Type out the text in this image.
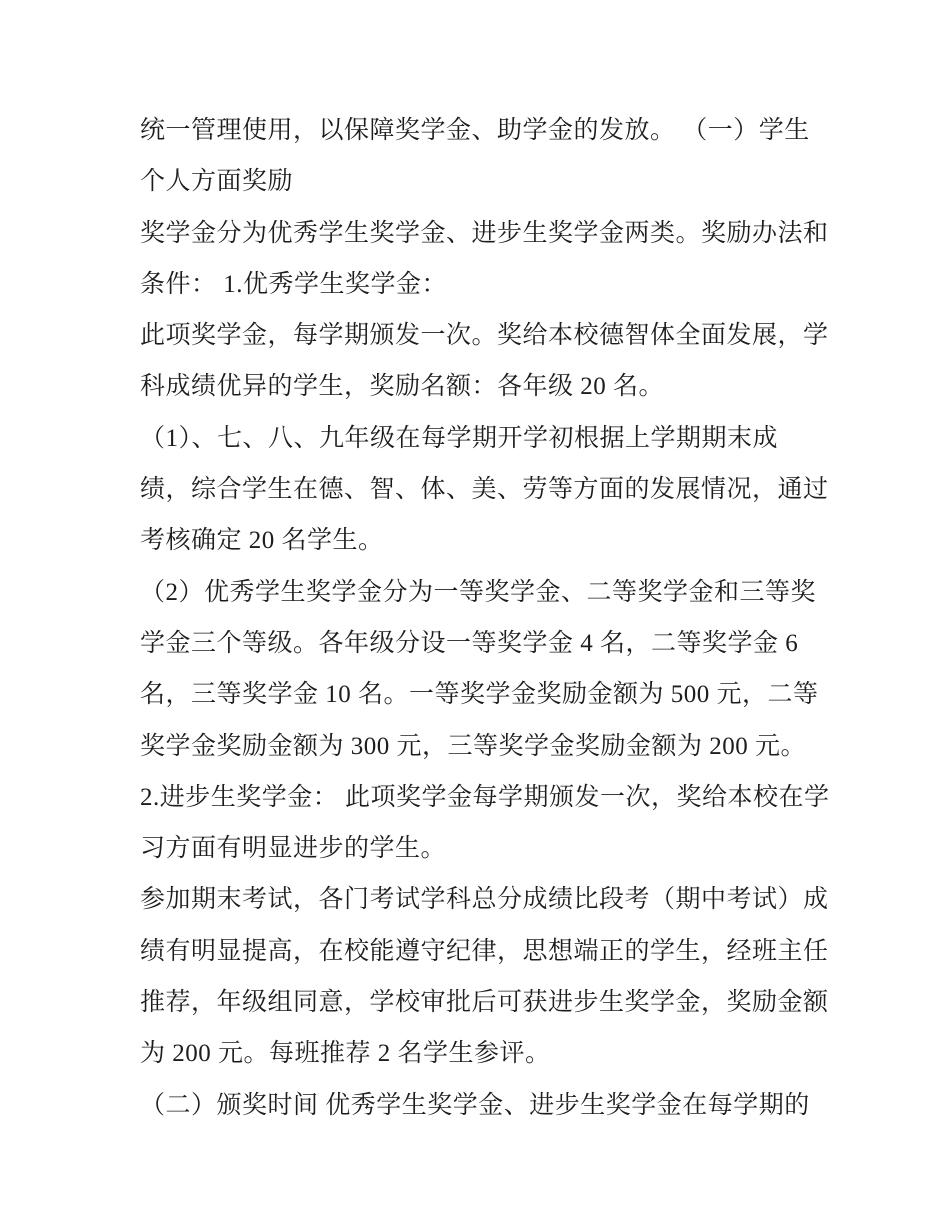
统一管理使用，以保障奖学金、助学金的发放。 （一）学生
个人方面奖励
奖学金分为优秀学生奖学金、进步生奖学金两类。奖励办法和
条件： 1.优秀学生奖学金：
此项奖学金，每学期颁发一次。奖给本校德智体全面发展，学
科成绩优异的学生，奖励名额：各年级 20 名。
（1）、七、八、九年级在每学期开学初根据上学期期末成
绩，综合学生在德、智、体、美、劳等方面的发展情况，通过
考核确定 20 名学生。
（2）优秀学生奖学金分为一等奖学金、二等奖学金和三等奖
学金三个等级。各年级分设一等奖学金 4 名，二等奖学金 6
名，三等奖学金 10 名。一等奖学金奖励金额为 500 元，二等
奖学金奖励金额为 300 元，三等奖学金奖励金额为 200 元。
2.进步生奖学金： 此项奖学金每学期颁发一次，奖给本校在学
习方面有明显进步的学生。
参加期末考试，各门考试学科总分成绩比段考（期中考试）成
绩有明显提高，在校能遵守纪律，思想端正的学生，经班主任
推荐，年级组同意，学校审批后可获进步生奖学金，奖励金额
为 200 元。每班推荐 2 名学生参评。
（二）颁奖时间 优秀学生奖学金、进步生奖学金在每学期的
